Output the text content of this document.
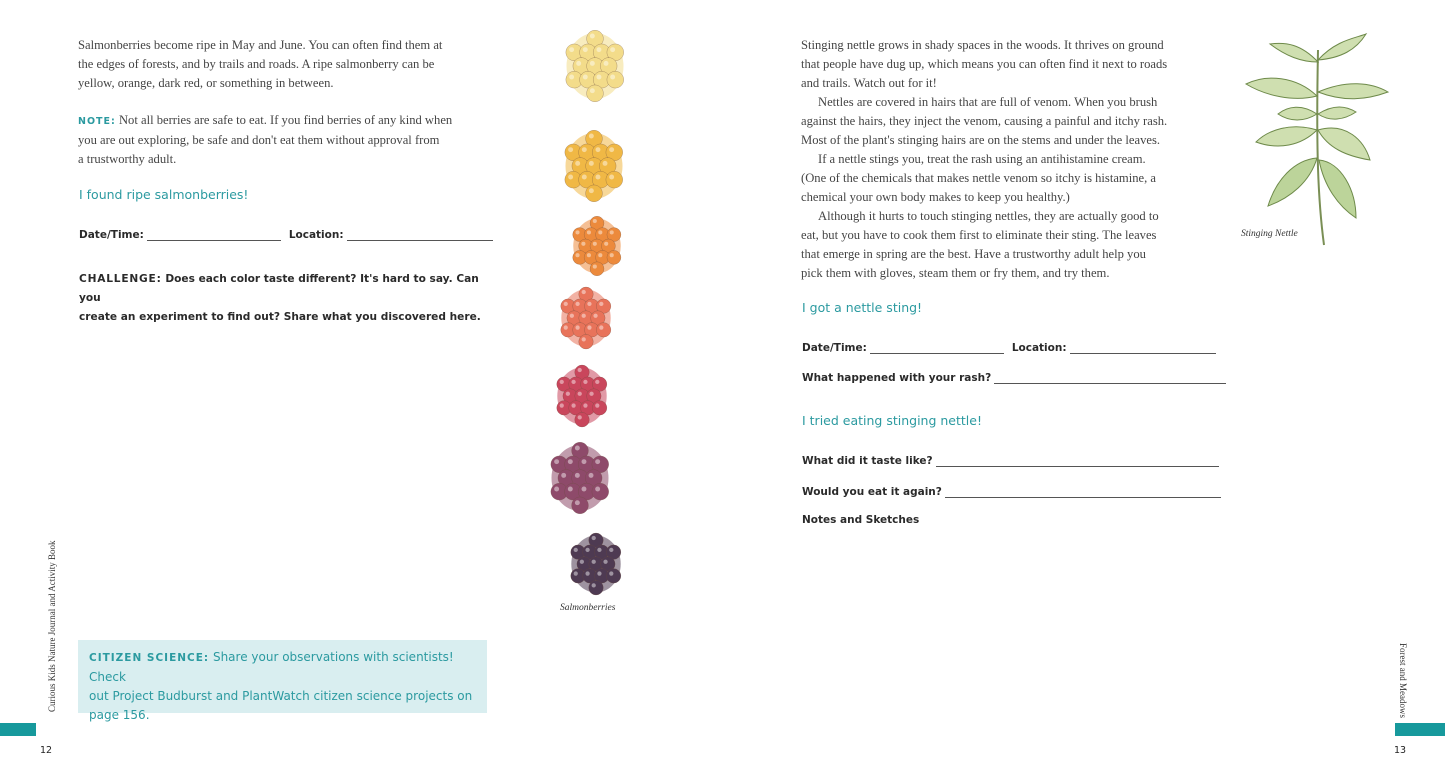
Salmonberries become ripe in May and June. You can often find them at
the edges of forests, and by trails and roads. A ripe salmonberry can be
yellow, orange, dark red, or something in between.
NOTE: Not all berries are safe to eat. If you find berries of any kind when
you are out exploring, be safe and don't eat them without approval from
a trustworthy adult.
I found ripe salmonberries!
Date/Time:	Location:
CHALLENGE: Does each color taste different? It's hard to say. Can you
create an experiment to find out? Share what you discovered here.
Salmonberries
CITIZEN SCIENCE: Share your observations with scientists! Check
out Project Budburst and PlantWatch citizen science projects on
page 156.
Curious Kids Nature Journal and Activity Book
12
Stinging nettle grows in shady spaces in the woods. It thrives on ground
that people have dug up, which means you can often find it next to roads
and trails. Watch out for it!
Nettles are covered in hairs that are full of venom. When you brush
against the hairs, they inject the venom, causing a painful and itchy rash.
Most of the plant's stinging hairs are on the stems and under the leaves.
If a nettle stings you, treat the rash using an antihistamine cream.
(One of the chemicals that makes nettle venom so itchy is histamine, a
chemical your own body makes to keep you healthy.)
Although it hurts to touch stinging nettles, they are actually good to
eat, but you have to cook them first to eliminate their sting. The leaves
that emerge in spring are the best. Have a trustworthy adult help you
pick them with gloves, steam them or fry them, and try them.
Stinging Nettle
I got a nettle sting!
Date/Time:	Location:
What happened with your rash?
I tried eating stinging nettle!
What did it taste like?
Would you eat it again?
Notes and Sketches
Forest and Meadows
13
